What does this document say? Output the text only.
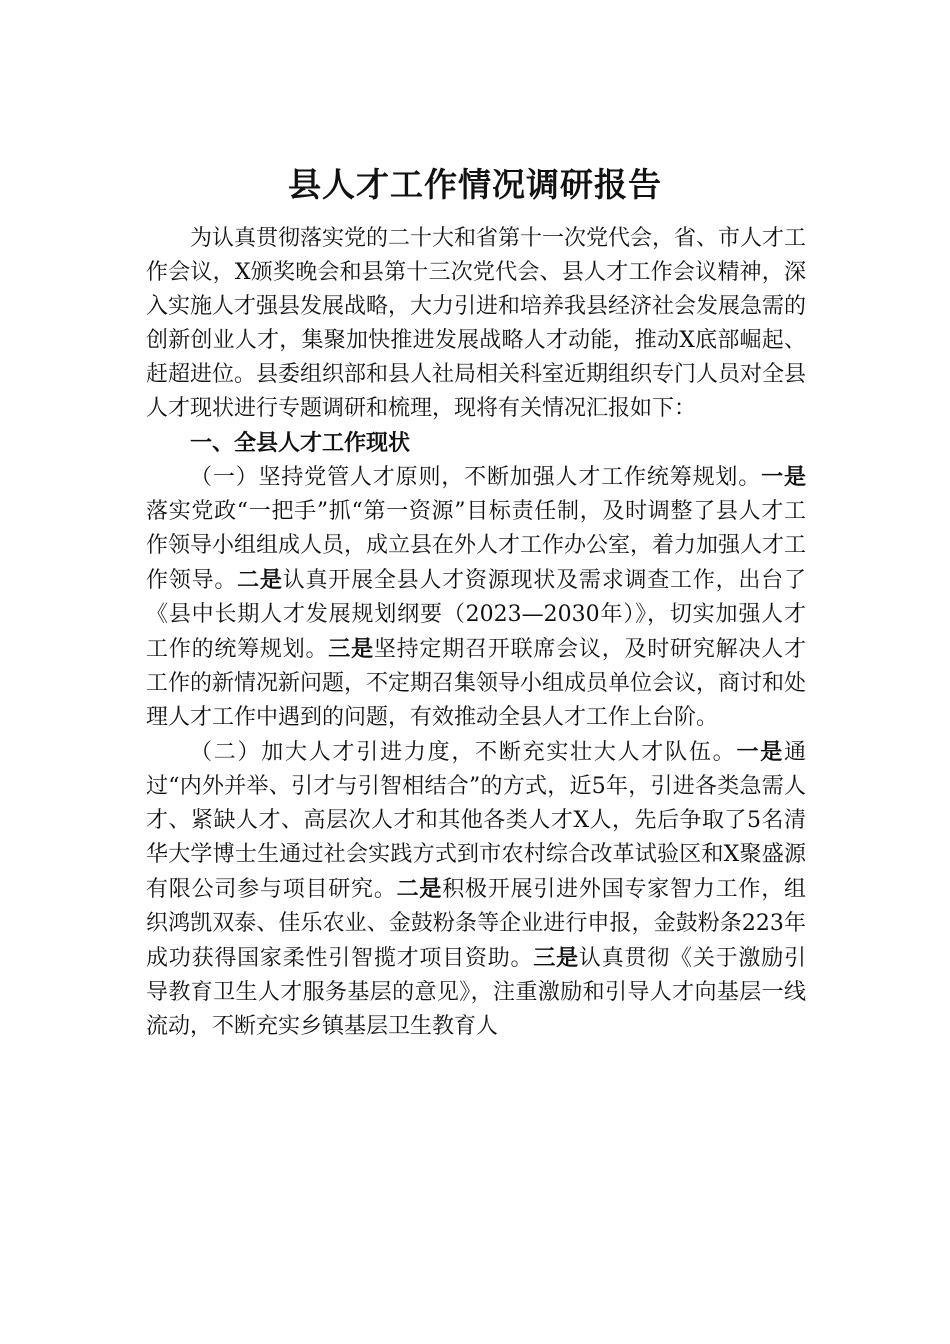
县人才工作情况调研报告

为认真贯彻落实党的二十大和省第十一次党代会，省、市人才工作会议，X颁奖晚会和县第十三次党代会、县人才工作会议精神，深入实施人才强县发展战略，大力引进和培养我县经济社会发展急需的创新创业人才，集聚加快推进发展战略人才动能，推动X底部崛起、赶超进位。县委组织部和县人社局相关科室近期组织专门人员对全县人才现状进行专题调研和梳理，现将有关情况汇报如下：

一、全县人才工作现状

（一）坚持党管人才原则，不断加强人才工作统筹规划。一是落实党政“一把手”抓“第一资源”目标责任制，及时调整了县人才工作领导小组组成人员，成立县在外人才工作办公室，着力加强人才工作领导。二是认真开展全县人才资源现状及需求调查工作，出台了《县中长期人才发展规划纲要（2023—2030年）》，切实加强人才工作的统筹规划。三是坚持定期召开联席会议，及时研究解决人才工作的新情况新问题，不定期召集领导小组成员单位会议，商讨和处理人才工作中遇到的问题，有效推动全县人才工作上台阶。

（二）加大人才引进力度，不断充实壮大人才队伍。一是通过“内外并举、引才与引智相结合”的方式，近5年，引进各类急需人才、紧缺人才、高层次人才和其他各类人才X人，先后争取了5名清华大学博士生通过社会实践方式到市农村综合改革试验区和X聚盛源有限公司参与项目研究。二是积极开展引进外国专家智力工作，组织鸿凯双泰、佳乐农业、金鼓粉条等企业进行申报，金鼓粉条223年成功获得国家柔性引智揽才项目资助。三是认真贯彻《关于激励引导教育卫生人才服务基层的意见》，注重激励和引导人才向基层一线流动，不断充实乡镇基层卫生教育人
